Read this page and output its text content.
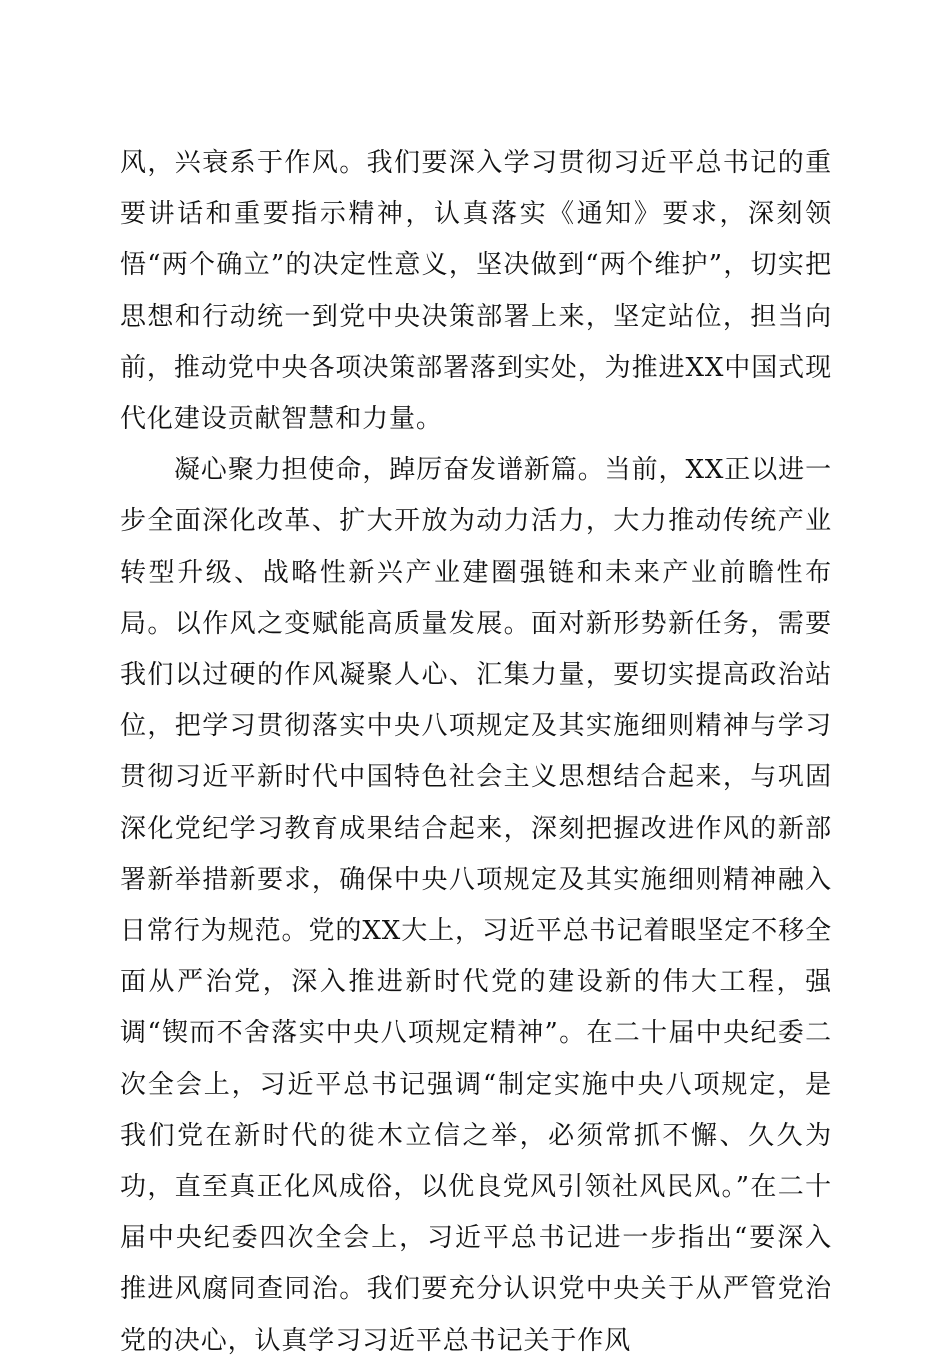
风，兴衰系于作风。我们要深入学习贯彻习近平总书记的重要讲话和重要指示精神，认真落实《通知》要求，深刻领悟“两个确立”的决定性意义，坚决做到“两个维护”，切实把思想和行动统一到党中央决策部署上来，坚定站位，担当向前，推动党中央各项决策部署落到实处，为推进XX中国式现代化建设贡献智慧和力量。

　　凝心聚力担使命，踔厉奋发谱新篇。当前，XX正以进一步全面深化改革、扩大开放为动力活力，大力推动传统产业转型升级、战略性新兴产业建圈强链和未来产业前瞻性布局。以作风之变赋能高质量发展。面对新形势新任务，需要我们以过硬的作风凝聚人心、汇集力量，要切实提高政治站位，把学习贯彻落实中央八项规定及其实施细则精神与学习贯彻习近平新时代中国特色社会主义思想结合起来，与巩固深化党纪学习教育成果结合起来，深刻把握改进作风的新部署新举措新要求，确保中央八项规定及其实施细则精神融入日常行为规范。党的XX大上，习近平总书记着眼坚定不移全面从严治党，深入推进新时代党的建设新的伟大工程，强调“锲而不舍落实中央八项规定精神”。在二十届中央纪委二次全会上，习近平总书记强调“制定实施中央八项规定，是我们党在新时代的徙木立信之举，必须常抓不懈、久久为功，直至真正化风成俗，以优良党风引领社风民风。”在二十届中央纪委四次全会上，习近平总书记进一步指出“要深入推进风腐同查同治。我们要充分认识党中央关于从严管党治党的决心，认真学习习近平总书记关于作风
